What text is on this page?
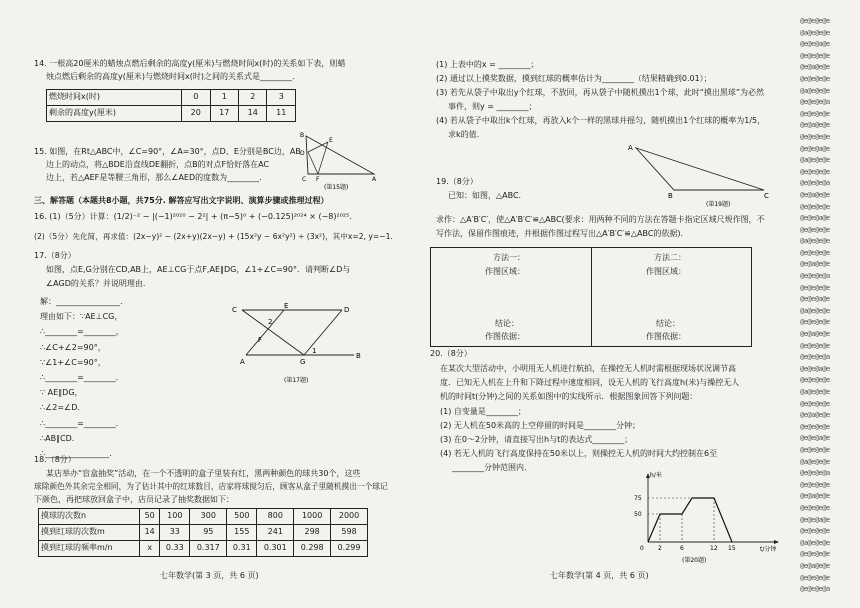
14. 一根高20厘米的蜡烛点燃后剩余的高度y(厘米)与燃烧时间x(时)的关系如下表，则蜡
烛点燃后剩余的高度y(厘米)与燃烧时间x(时)之间的关系式是________.
燃烧时间x(时)	0	1	2	3
剩余的高度y(厘米)	20	17	14	11
15. 如图，在Rt△ABC中，∠C=90°，∠A=30°，点D、E分别是BC边，AB
边上的动点，将△BDE沿直线DE翻折，点B的对点F恰好落在AC
边上，若△AEF是等腰三角形，那么∠AED的度数为________.
B
D
E
C F	A
(第15题)
三、解答题（本题共8小题，共75分. 解答应写出文字说明、演算步骤或推理过程）
16. (1)（5分）计算：(1/2)⁻² − |(−1)²⁰²⁰ − 2²| + (π−5)⁰ + (−0.125)²⁰²⁴ × (−8)²⁰²⁵.
(2)（5分）先化简，再求值：(2x−y)² − (2x+y)(2x−y) + (15x²y − 6x²y²) ÷ (3x²)，其中x=2, y=−1.
17.（8分）
如图，点E,G分别在CD,AB上，AE⊥CG于点F,AE∥DG，∠1+∠C=90°．请判断∠D与
∠AGD的关系？并说明理由.
解：________________.
理由如下：∵AE⊥CG，
∴________=________，
∴∠C+∠2=90°，
∵∠1+∠C=90°，
∴________=________.
∵ AE∥DG，
∴∠2=∠D.
∴________=________.
∴AB∥CD.
∴________________.
C	E	D
2
F
A	G
1
B
(第17题)
18.（8分）
某店举办“盲盒抽奖”活动，在一个不透明的盒子里装有红，黑两种颜色的球共30个，这些
球除颜色外其余完全相同，为了估计其中的红球数目，店家将球搅匀后，顾客从盒子里随机摸出一个球记
下颜色，再把球放回盒子中，店员记录了抽奖数据如下：
摸球的次数n	50	100	300	500	800	1000	2000
摸到红球的次数m	14	33	95	155	241	298	598
摸到红球的频率m/n	x	0.33	0.317	0.31	0.301	0.298	0.299
七年数学(第 3 页，共 6 页)
(1) 上表中的x = ________；
(2) 通过以上摸奖数据，摸到红球的概率估计为________（结果精确到0.01）；
(3) 若先从袋子中取出y个红球，不放回，再从袋子中随机摸出1个球，此时“摸出黑球”为必然
事件，则y = ________；
(4) 若从袋子中取出k个红球，再放入k个一样的黑球并摇匀，随机摸出1个红球的概率为1/5，
求k的值.
19.（8分）
已知：如图，△ABC.
A
B	C
(第19题)
求作：△A′B′C′，使△A′B′C′≌△ABC(要求：用两种不同的方法在答题卡指定区域尺规作图，不
写作法，保留作图痕迹，并根据作图过程写出△A′B′C′≌△ABC的依据).
方法一：
作图区域：
结论：
作图依据：
方法二：
作图区域：
结论：
作图依据：
20.（8分）
在某次大型活动中，小明用无人机进行航拍，在操控无人机时需根据现场状况调节高
度．已知无人机在上升和下降过程中速度相同，设无人机的飞行高度h(米)与操控无人
机的时间t(分钟)之间的关系如图中的实线所示．根据图象回答下列问题：
(1) 自变量是________；
(2) 无人机在50米高的上空停留的时间是________分钟；
(3) 在0～2分钟，请直接写出h与t的表达式________；
(4) 若无人机的飞行高度保持在50米以上，则操控无人机的时间大约控制在6至
________分钟范围内.
h/米
t/分钟
75
50
0 2	6	12 15
(第20题)
七年数学(第 4 页，共 6 页)
@e@e@e@e
@a@e@e@e
@e@e@a@e
@e@e@e@e
@e@a@e@e
@e@e@e@e
@a@e@e@e
@e@e@e@a
@e@e@e@e
@e@a@e@e
@e@e@e@e
@e@e@a@e
@a@e@e@e
@e@e@e@e
@e@e@e@a
@e@a@e@e
@e@e@e@e
@e@e@a@e
@e@e@e@e
@a@e@e@e
@e@e@e@e
@e@a@e@e
@e@e@e@a
@e@e@e@e
@e@e@a@e
@a@e@e@e
@e@e@e@e
@e@a@e@e
@e@e@e@e
@e@e@e@a
@e@e@a@e
@e@e@e@e
@a@e@e@e
@e@e@e@e
@e@a@e@e
@e@e@e@e
@e@e@a@e
@e@e@e@e
@a@e@e@e
@e@e@e@a
@e@e@e@e
@e@a@e@e
@e@e@e@e
@e@e@a@e
@e@e@e@e
@a@e@e@e
@e@e@e@e
@e@a@e@e
@e@e@e@e
@e@e@e@a
